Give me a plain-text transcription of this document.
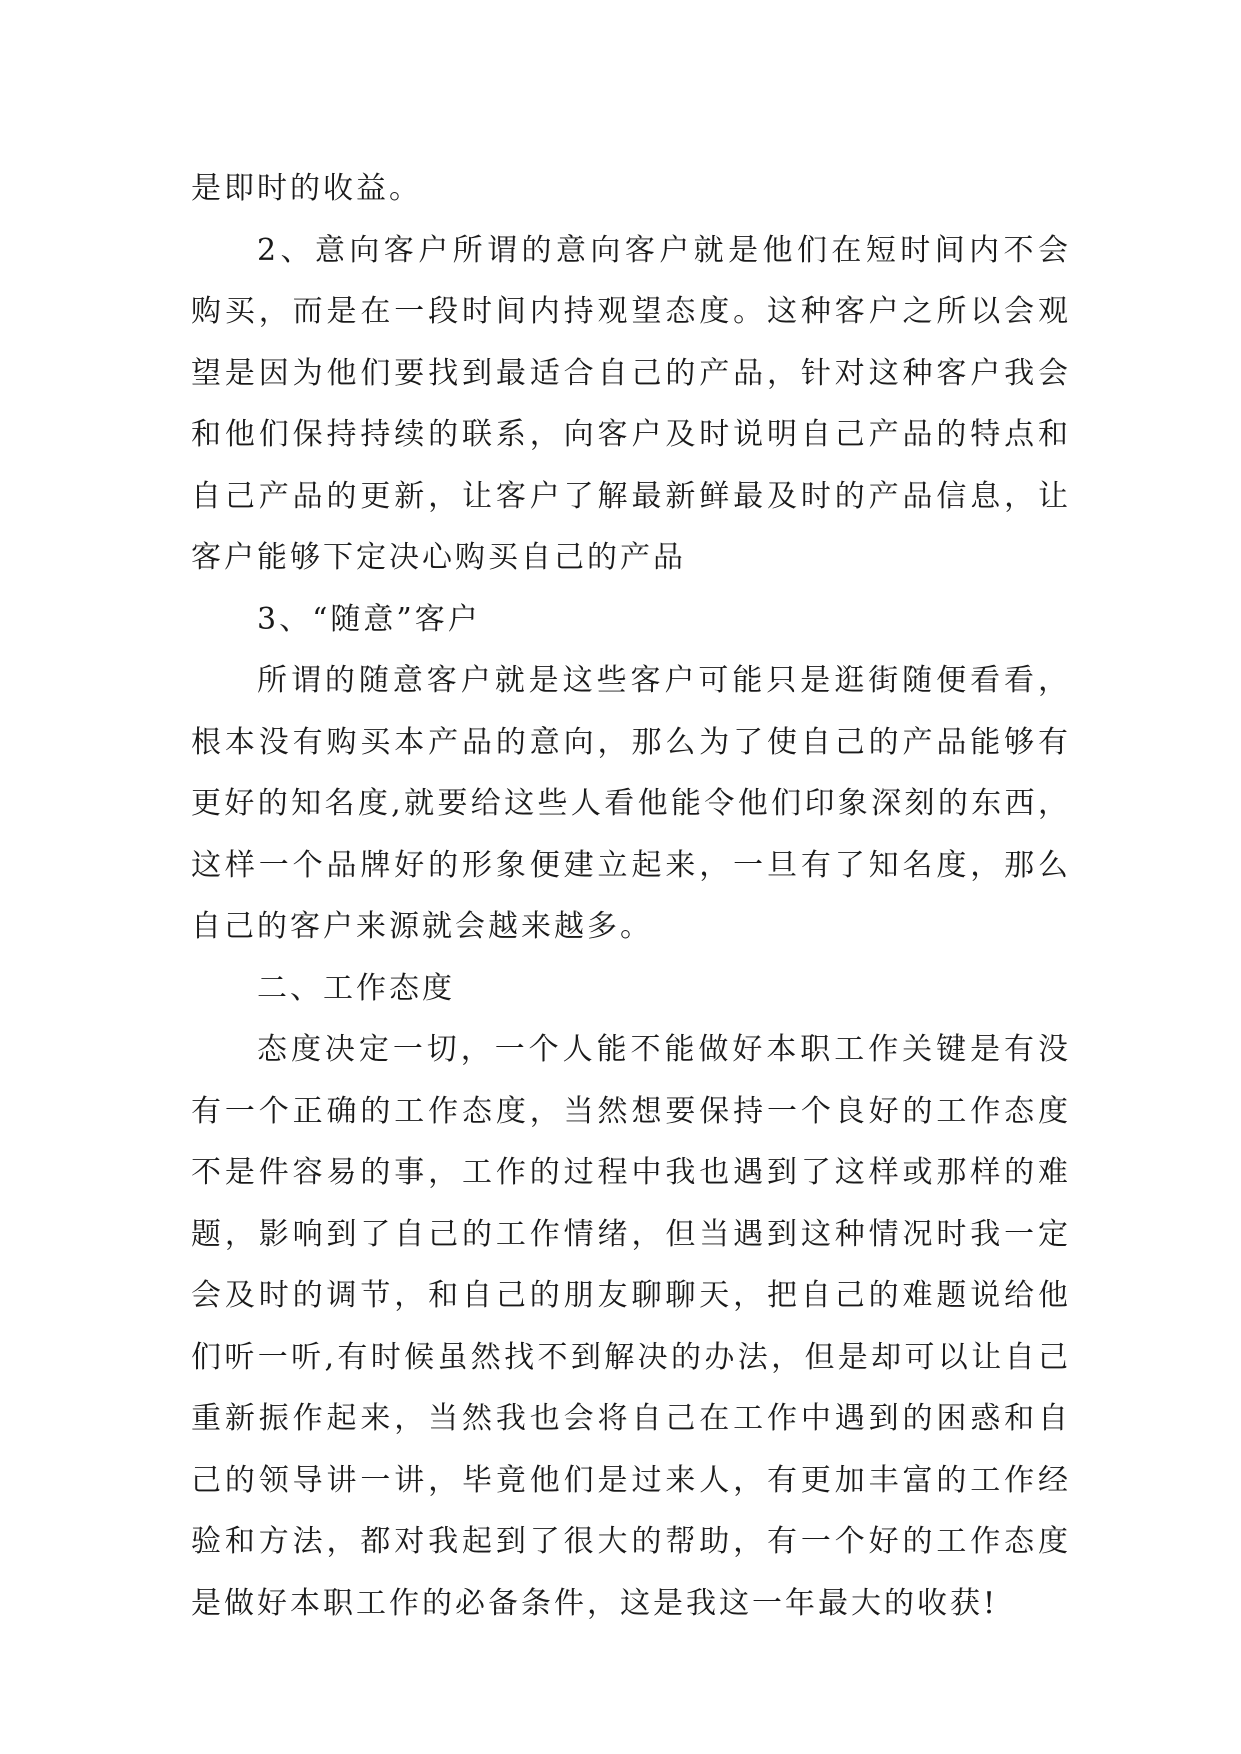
是即时的收益。

2、意向客户所谓的意向客户就是他们在短时间内不会购买，而是在一段时间内持观望态度。这种客户之所以会观望是因为他们要找到最适合自己的产品，针对这种客户我会和他们保持持续的联系，向客户及时说明自己产品的特点和自己产品的更新，让客户了解最新鲜最及时的产品信息，让客户能够下定决心购买自己的产品

3、“随意”客户

所谓的随意客户就是这些客户可能只是逛街随便看看，根本没有购买本产品的意向，那么为了使自己的产品能够有更好的知名度,就要给这些人看他能令他们印象深刻的东西，这样一个品牌好的形象便建立起来，一旦有了知名度，那么自己的客户来源就会越来越多。

二、工作态度

态度决定一切，一个人能不能做好本职工作关键是有没有一个正确的工作态度，当然想要保持一个良好的工作态度不是件容易的事，工作的过程中我也遇到了这样或那样的难题，影响到了自己的工作情绪，但当遇到这种情况时我一定会及时的调节，和自己的朋友聊聊天，把自己的难题说给他们听一听,有时候虽然找不到解决的办法，但是却可以让自己重新振作起来，当然我也会将自己在工作中遇到的困惑和自己的领导讲一讲，毕竟他们是过来人，有更加丰富的工作经验和方法，都对我起到了很大的帮助，有一个好的工作态度是做好本职工作的必备条件，这是我这一年最大的收获!
